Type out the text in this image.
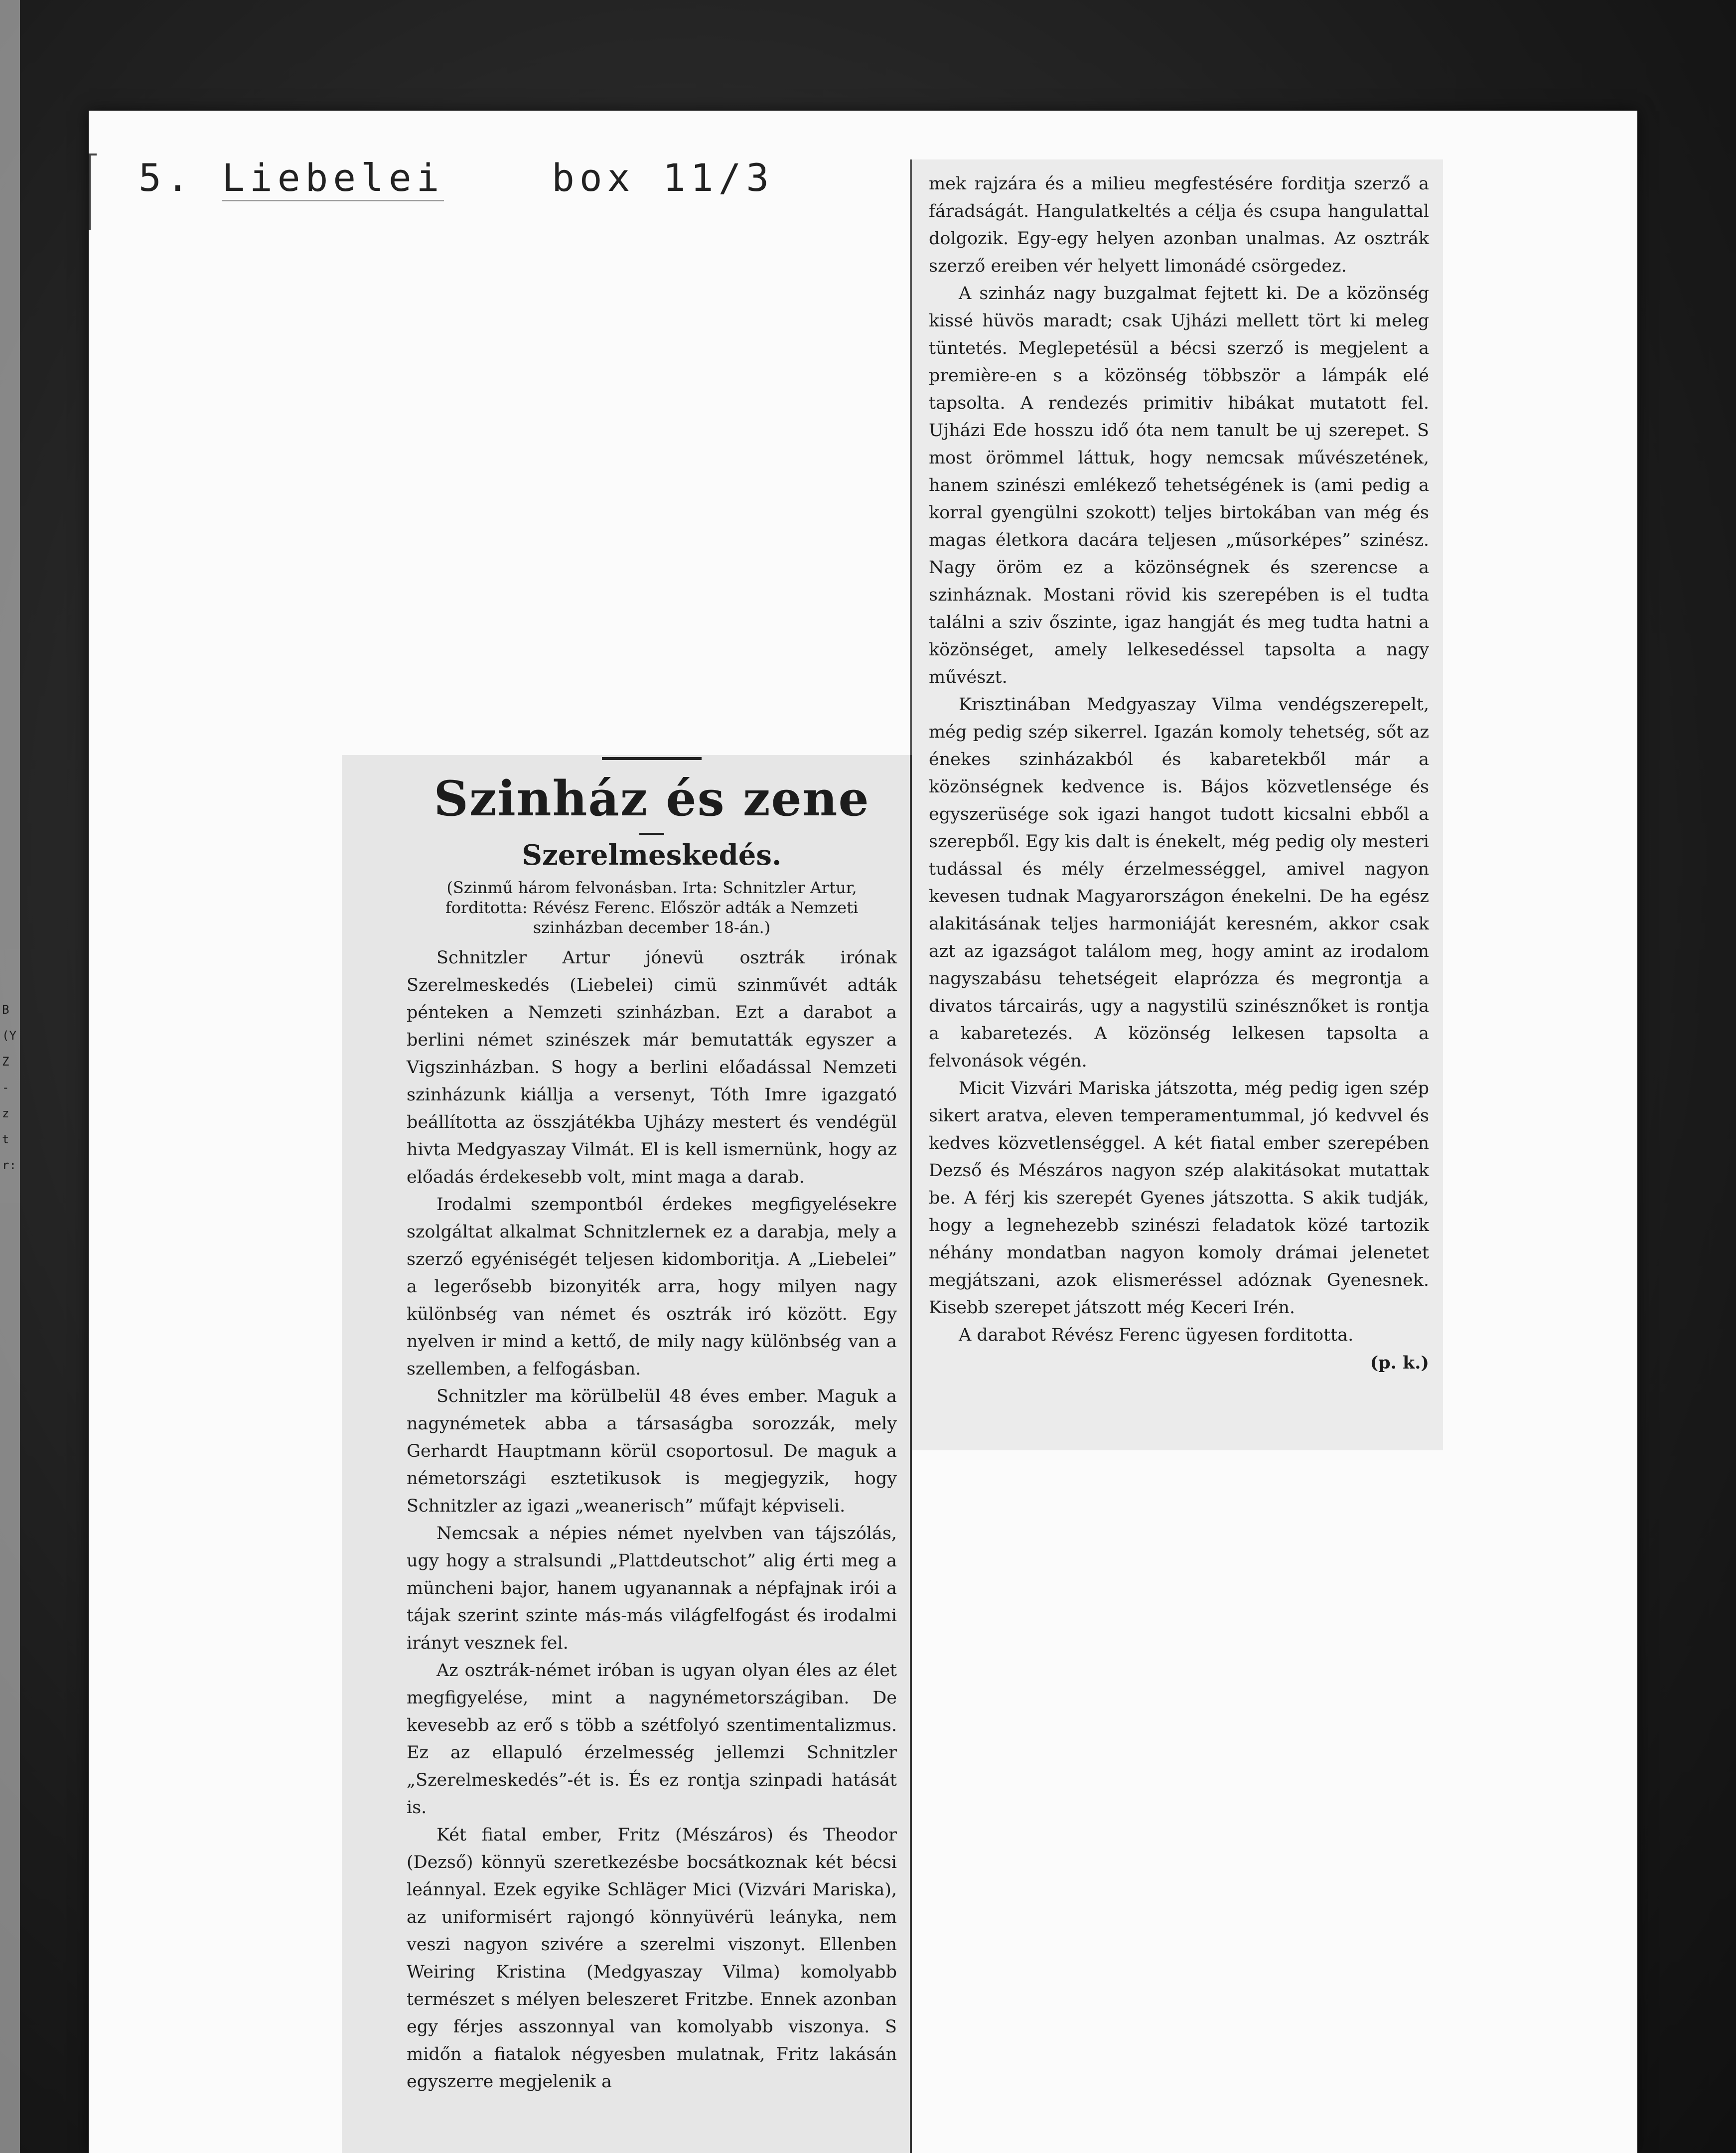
B(YZ-ztr:
5. Liebelei	box 11/3
Szinház és zene
Szerelmeskedés.

(Szinmű három felvonásban. Irta: Schnitzler Artur, forditotta: Révész Ferenc. Először adták a Nemzeti szinházban december 18-án.)

Schnitzler Artur jónevü osztrák irónak Szerelmeskedés (Liebelei) cimü szinművét adták pénteken a Nemzeti szinházban. Ezt a darabot a berlini német szinészek már bemutatták egyszer a Vigszinházban. S hogy a berlini előadással Nemzeti szinházunk kiállja a versenyt, Tóth Imre igazgató beállította az összjátékba Ujházy mestert és vendégül hivta Medgyaszay Vilmát. El is kell ismernünk, hogy az előadás érdekesebb volt, mint maga a darab.

Irodalmi szempontból érdekes megfigyelésekre szolgáltat alkalmat Schnitzlernek ez a darabja, mely a szerző egyéniségét teljesen kidomboritja. A „Liebelei” a legerősebb bizonyiték arra, hogy milyen nagy különbség van német és osztrák iró között. Egy nyelven ir mind a kettő, de mily nagy különbség van a szellemben, a felfogásban.

Schnitzler ma körülbelül 48 éves ember. Maguk a nagynémetek abba a társaságba sorozzák, mely Gerhardt Hauptmann körül csoportosul. De maguk a németországi esztetikusok is megjegyzik, hogy Schnitzler az igazi „weanerisch” műfajt képviseli.

Nemcsak a népies német nyelvben van tájszólás, ugy hogy a stralsundi „Plattdeutschot” alig érti meg a müncheni bajor, hanem ugyanannak a népfajnak irói a tájak szerint szinte más-más világfelfogást és irodalmi irányt vesznek fel.

Az osztrák-német iróban is ugyan olyan éles az élet megfigyelése, mint a nagynémetországiban. De kevesebb az erő s több a szétfolyó szentimentalizmus. Ez az ellapuló érzelmesség jellemzi Schnitzler „Szerelmeskedés”-ét is. És ez rontja szinpadi hatását is.

Két fiatal ember, Fritz (Mészáros) és Theodor (Dezső) könnyü szeretkezésbe bocsátkoznak két bécsi leánnyal. Ezek egyike Schläger Mici (Vizvári Mariska), az uniformisért rajongó könnyüvérü leányka, nem veszi nagyon szivére a szerelmi viszonyt. Ellenben Weiring Kristina (Medgyaszay Vilma) komolyabb természet s mélyen beleszeret Fritzbe. Ennek azonban egy férjes asszonnyal van komolyabb viszonya. S midőn a fiatalok négyesben mulatnak, Fritz lakásán egyszerre megjelenik a

mek rajzára és a milieu megfestésére forditja szerző a fáradságát. Hangulatkeltés a célja és csupa hangulattal dolgozik. Egy-egy helyen azonban unalmas. Az osztrák szerző ereiben vér helyett limonádé csörgedez.

A szinház nagy buzgalmat fejtett ki. De a közönség kissé hüvös maradt; csak Ujházi mellett tört ki meleg tüntetés. Meglepetésül a bécsi szerző is megjelent a première-en s a közönség többször a lámpák elé tapsolta. A rendezés primitiv hibákat mutatott fel. Ujházi Ede hosszu idő óta nem tanult be uj szerepet. S most örömmel láttuk, hogy nemcsak művészetének, hanem szinészi emlékező tehetségének is (ami pedig a korral gyengülni szokott) teljes birtokában van még és magas életkora dacára teljesen „műsorképes” szinész. Nagy öröm ez a közönségnek és szerencse a szinháznak. Mostani rövid kis szerepében is el tudta találni a sziv őszinte, igaz hangját és meg tudta hatni a közönséget, amely lelkesedéssel tapsolta a nagy művészt.

Krisztinában Medgyaszay Vilma vendégszerepelt, még pedig szép sikerrel. Igazán komoly tehetség, sőt az énekes szinházakból és kabaretekből már a közönségnek kedvence is. Bájos közvetlensége és egyszerüsége sok igazi hangot tudott kicsalni ebből a szerepből. Egy kis dalt is énekelt, még pedig oly mesteri tudással és mély érzelmességgel, amivel nagyon kevesen tudnak Magyarországon énekelni. De ha egész alakitásának teljes harmoniáját keresném, akkor csak azt az igazságot találom meg, hogy amint az irodalom nagyszabásu tehetségeit elaprózza és megrontja a divatos tárcairás, ugy a nagystilü szinésznőket is rontja a kabaretezés. A közönség lelkesen tapsolta a felvonások végén.

Micit Vizvári Mariska játszotta, még pedig igen szép sikert aratva, eleven temperamentummal, jó kedvvel és kedves közvetlenséggel. A két fiatal ember szerepében Dezső és Mészáros nagyon szép alakitásokat mutattak be. A férj kis szerepét Gyenes játszotta. S akik tudják, hogy a legnehezebb szinészi feladatok közé tartozik néhány mondatban nagyon komoly drámai jelenetet megjátszani, azok elismeréssel adóznak Gyenesnek. Kisebb szerepet játszott még Keceri Irén.

A darabot Révész Ferenc ügyesen forditotta.

(p. k.)
